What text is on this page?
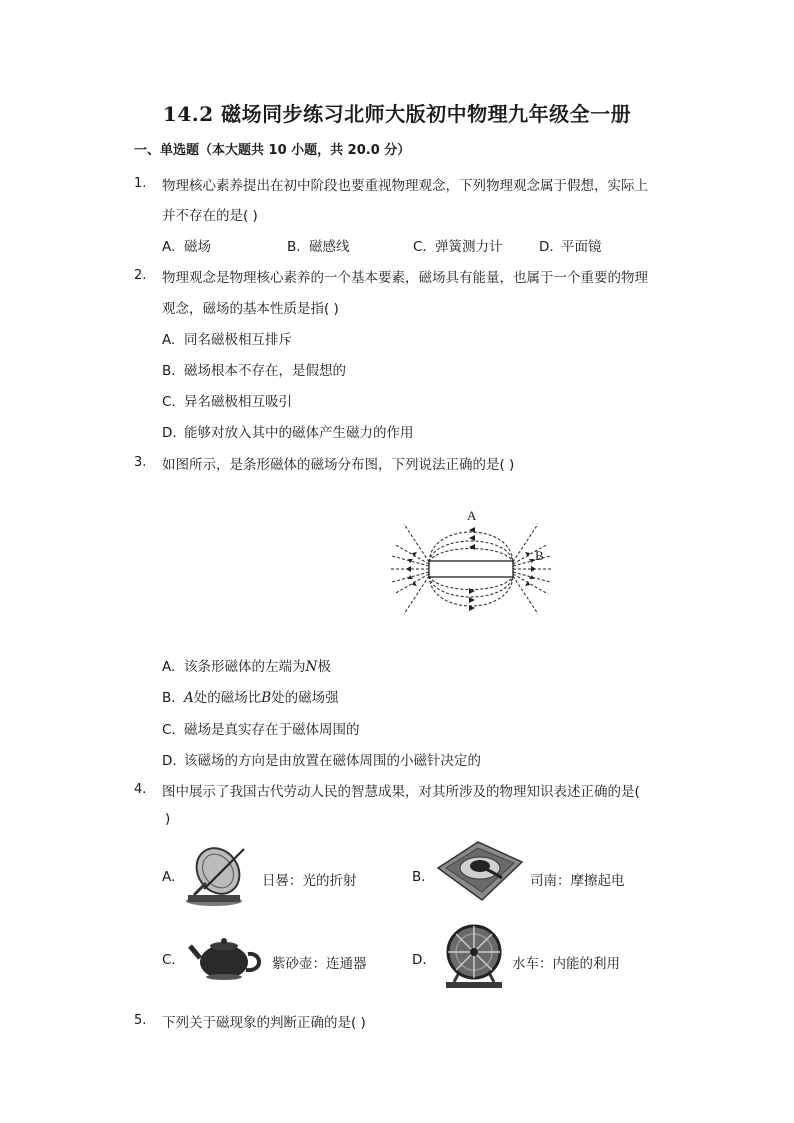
14.2 磁场同步练习北师大版初中物理九年级全一册
一、单选题（本大题共 10 小题，共 20.0 分）
1. 物理核心素养提出在初中阶段也要重视物理观念，下列物理观念属于假想，实际上
并不存在的是( )
A. 磁场	B. 磁感线	C. 弹簧测力计	D. 平面镜
2. 物理观念是物理核心素养的一个基本要素，磁场具有能量，也属于一个重要的物理
观念，磁场的基本性质是指( )
A. 同名磁极相互排斥
B. 磁场根本不存在，是假想的
C. 异名磁极相互吸引
D. 能够对放入其中的磁体产生磁力的作用
3. 如图所示，是条形磁体的磁场分布图，下列说法正确的是( )
A
B
A. 该条形磁体的左端为N极
B. A处的磁场比B处的磁场强
C. 磁场是真实存在于磁体周围的
D. 该磁场的方向是由放置在磁体周围的小磁针决定的
4. 图中展示了我国古代劳动人民的智慧成果，对其所涉及的物理知识表述正确的是(
)
A.	日晷：光的折射	B.	司南：摩擦起电
C.	紫砂壶：连通器	D.	水车：内能的利用
5. 下列关于磁现象的判断正确的是( )
